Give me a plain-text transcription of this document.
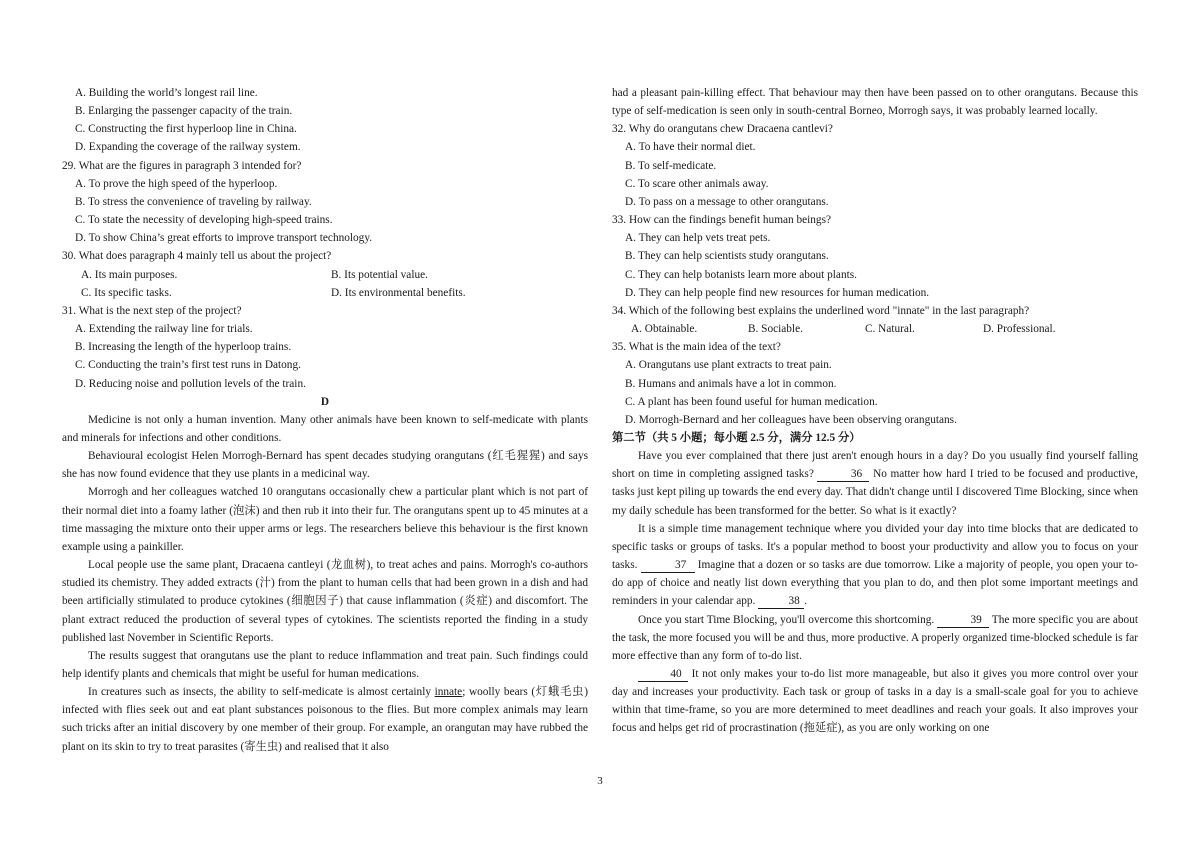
A. Building the world’s longest rail line.

B. Enlarging the passenger capacity of the train.

C. Constructing the first hyperloop line in China.

D. Expanding the coverage of the railway system.

29. What are the figures in paragraph 3 intended for?

A. To prove the high speed of the hyperloop.

B. To stress the convenience of traveling by railway.

C. To state the necessity of developing high-speed trains.

D. To show China’s great efforts to improve transport technology.

30. What does paragraph 4 mainly tell us about the project?

A. Its main purposes.	B. Its potential value.
C. Its specific tasks.	D. Its environmental benefits.

31. What is the next step of the project?

A. Extending the railway line for trials.

B. Increasing the length of the hyperloop trains.

C. Conducting the train’s first test runs in Datong.

D. Reducing noise and pollution levels of the train.

D

Medicine is not only a human invention. Many other animals have been known to self-medicate with plants and minerals for infections and other conditions.

Behavioural ecologist Helen Morrogh-Bernard has spent decades studying orangutans (红毛猩猩) and says she has now found evidence that they use plants in a medicinal way.

Morrogh and her colleagues watched 10 orangutans occasionally chew a particular plant which is not part of their normal diet into a foamy lather (泡沫) and then rub it into their fur. The orangutans spent up to 45 minutes at a time massaging the mixture onto their upper arms or legs. The researchers believe this behaviour is the first known example using a painkiller.

Local people use the same plant, Dracaena cantleyi (龙血树), to treat aches and pains. Morrogh's co-authors studied its chemistry. They added extracts (汁) from the plant to human cells that had been grown in a dish and had been artificially stimulated to produce cytokines (细胞因子) that cause inflammation (炎症) and discomfort. The plant extract reduced the production of several types of cytokines. The scientists reported the finding in a study published last November in Scientific Reports.

The results suggest that orangutans use the plant to reduce inflammation and treat pain. Such findings could help identify plants and chemicals that might be useful for human medications.

In creatures such as insects, the ability to self-medicate is almost certainly innate; woolly bears (灯蛾毛虫) infected with flies seek out and eat plant substances poisonous to the flies. But more complex animals may learn such tricks after an initial discovery by one member of their group. For example, an orangutan may have rubbed the plant on its skin to try to treat parasites (寄生虫) and realised that it also

had a pleasant pain-killing effect. That behaviour may then have been passed on to other orangutans. Because this type of self-medication is seen only in south-central Borneo, Morrogh says, it was probably learned locally.

32. Why do orangutans chew Dracaena cantlevi?

A. To have their normal diet.

B. To self-medicate.

C. To scare other animals away.

D. To pass on a message to other orangutans.

33. How can the findings benefit human beings?

A. They can help vets treat pets.

B. They can help scientists study orangutans.

C. They can help botanists learn more about plants.

D. They can help people find new resources for human medication.

34. Which of the following best explains the underlined word "innate" in the last paragraph?

A. Obtainable.	B. Sociable.	C. Natural.	D. Professional.

35. What is the main idea of the text?

A. Orangutans use plant extracts to treat pain.

B. Humans and animals have a lot in common.

C. A plant has been found useful for human medication.

D. Morrogh-Bernard and her colleagues have been observing orangutans.

第二节（共 5 小题；每小题 2.5 分，满分 12.5 分）

Have you ever complained that there just aren't enough hours in a day? Do you usually find yourself falling short on time in completing assigned tasks?	36 No matter how hard I tried to be focused and productive, tasks just kept piling up towards the end every day. That didn't change until I discovered Time Blocking, since when my daily schedule has been transformed for the better. So what is it exactly?

It is a simple time management technique where you divided your day into time blocks that are dedicated to specific tasks or groups of tasks. It's a popular method to boost your productivity and allow you to focus on your tasks.	37 Imagine that a dozen or so tasks are due tomorrow. Like a majority of people, you open your to-do app of choice and neatly list down everything that you plan to do, and then plot some important meetings and reminders in your calendar app.	38 .

Once you start Time Blocking, you'll overcome this shortcoming.	39 The more specific you are about the task, the more focused you will be and thus, more productive. A properly organized time-blocked schedule is far more effective than any form of to-do list.

40 It not only makes your to-do list more manageable, but also it gives you more control over your day and increases your productivity. Each task or group of tasks in a day is a small-scale goal for you to achieve within that time-frame, so you are more determined to meet deadlines and reach your goals. It also improves your focus and helps get rid of procrastination (拖延症), as you are only working on one

3
